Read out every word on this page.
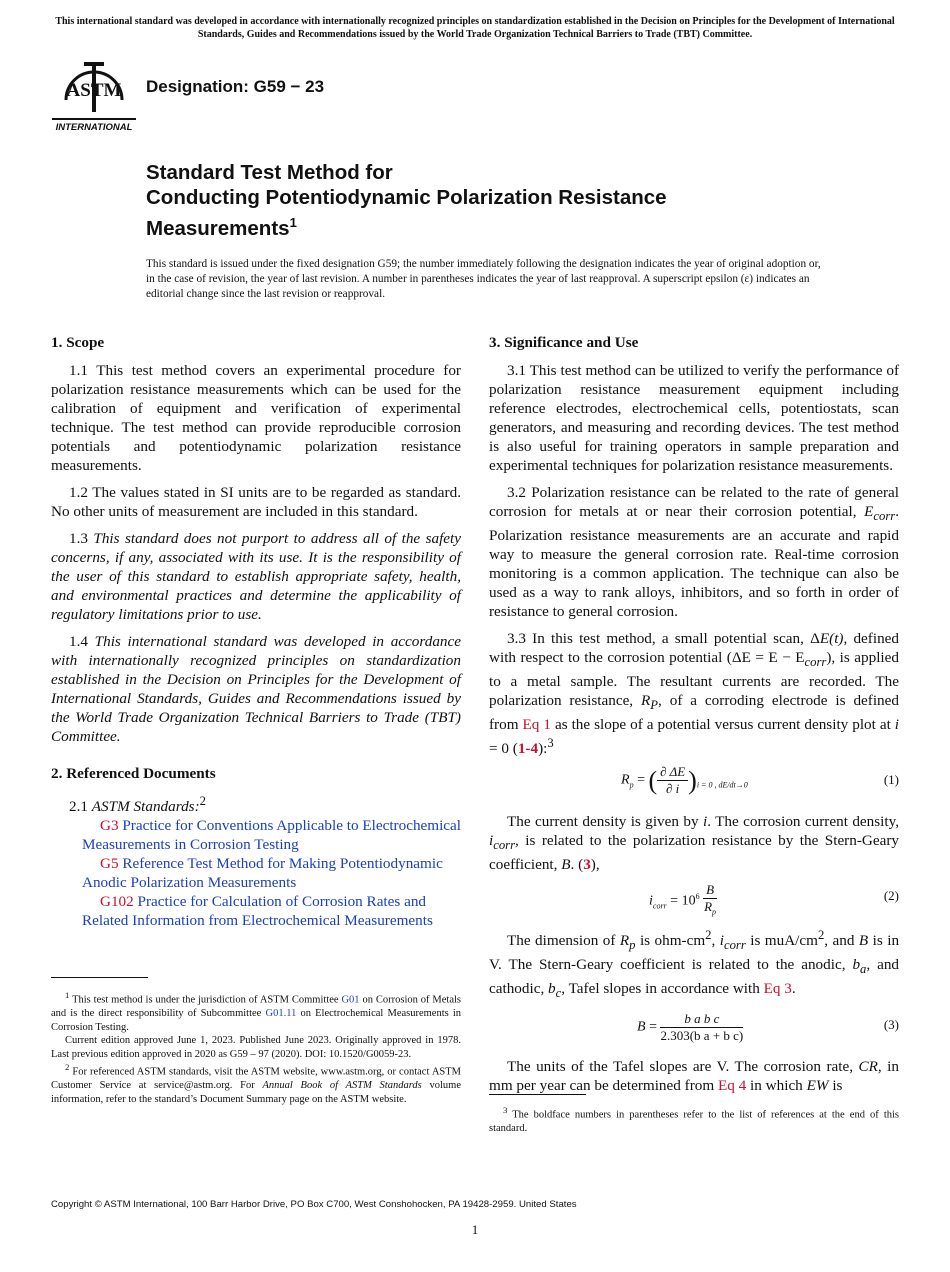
This international standard was developed in accordance with internationally recognized principles on standardization established in the Decision on Principles for the Development of International Standards, Guides and Recommendations issued by the World Trade Organization Technical Barriers to Trade (TBT) Committee.
ASTM
INTERNATIONAL
Designation: G59 − 23
Standard Test Method for
Conducting Potentiodynamic Polarization Resistance
Measurements$^1$
This standard is issued under the fixed designation G59; the number immediately following the designation indicates the year of original adoption or, in the case of revision, the year of last revision. A number in parentheses indicates the year of last reapproval. A superscript epsilon (ε) indicates an editorial change since the last revision or reapproval.
1. Scope

1.1 This test method covers an experimental procedure for polarization resistance measurements which can be used for the calibration of equipment and verification of experimental technique. The test method can provide reproducible corrosion potentials and potentiodynamic polarization resistance measurements.

1.2 The values stated in SI units are to be regarded as standard. No other units of measurement are included in this standard.

1.3 This standard does not purport to address all of the safety concerns, if any, associated with its use. It is the responsibility of the user of this standard to establish appropriate safety, health, and environmental practices and determine the applicability of regulatory limitations prior to use.

1.4 This international standard was developed in accordance with internationally recognized principles on standardization established in the Decision on Principles for the Development of International Standards, Guides and Recommendations issued by the World Trade Organization Technical Barriers to Trade (TBT) Committee.

2. Referenced Documents

2.1 ASTM Standards:$^2$

G3 Practice for Conventions Applicable to Electrochemical Measurements in Corrosion Testing

G5 Reference Test Method for Making Potentiodynamic Anodic Polarization Measurements

G102 Practice for Calculation of Corrosion Rates and Related Information from Electrochemical Measurements

$^1$ This test method is under the jurisdiction of ASTM Committee G01 on Corrosion of Metals and is the direct responsibility of Subcommittee G01.11 on Electrochemical Measurements in Corrosion Testing.

Current edition approved June 1, 2023. Published June 2023. Originally approved in 1978. Last previous edition approved in 2020 as G59 – 97 (2020). DOI: 10.1520/G0059-23.

$^2$ For referenced ASTM standards, visit the ASTM website, www.astm.org, or contact ASTM Customer Service at service@astm.org. For Annual Book of ASTM Standards volume information, refer to the standard’s Document Summary page on the ASTM website.

3. Significance and Use

3.1 This test method can be utilized to verify the performance of polarization resistance measurement equipment including reference electrodes, electrochemical cells, potentiostats, scan generators, and measuring and recording devices. The test method is also useful for training operators in sample preparation and experimental techniques for polarization resistance measurements.

3.2 Polarization resistance can be related to the rate of general corrosion for metals at or near their corrosion potential, $E_{corr}$. Polarization resistance measurements are an accurate and rapid way to measure the general corrosion rate. Real-time corrosion monitoring is a common application. The technique can also be used as a way to rank alloys, inhibitors, and so forth in order of resistance to general corrosion.

3.3 In this test method, a small potential scan, ΔE(t), defined with respect to the corrosion potential $(\Delta E = E - E_{corr})$, is applied to a metal sample. The resultant currents are recorded. The polarization resistance, $R_P$, of a corroding electrode is defined from Eq 1 as the slope of a potential versus current density plot at i = 0 (1-4):$^3$

$R_p$ = ( $\frac{\partial \Delta E}{\partial i} )_{i = 0 , dE/dt\to 0}$	(1)

The current density is given by i. The corrosion current density, $i_{corr}$, is related to the polarization resistance by the Stern-Geary coefficient, B. (3),

$i_{corr} = 10^6 \frac{B}{R_p}$	(2)

The dimension of $R_p$ is ohm-$cm^2$, $i_{corr}$ is muA/$cm^2$, and B is in V. The Stern-Geary coefficient is related to the anodic, $b_a$, and cathodic, $b_c$, Tafel slopes in accordance with Eq 3.

$B = \frac{\text{b a b c}}{\text{2.303(b a + b c)}}$	(3)

The units of the Tafel slopes are V. The corrosion rate, CR, in mm per year can be determined from Eq 4 in which EW is

$^3$ The boldface numbers in parentheses refer to the list of references at the end of this standard.

Copyright © ASTM International, 100 Barr Harbor Drive, PO Box C700, West Conshohocken, PA 19428-2959. United States
1
